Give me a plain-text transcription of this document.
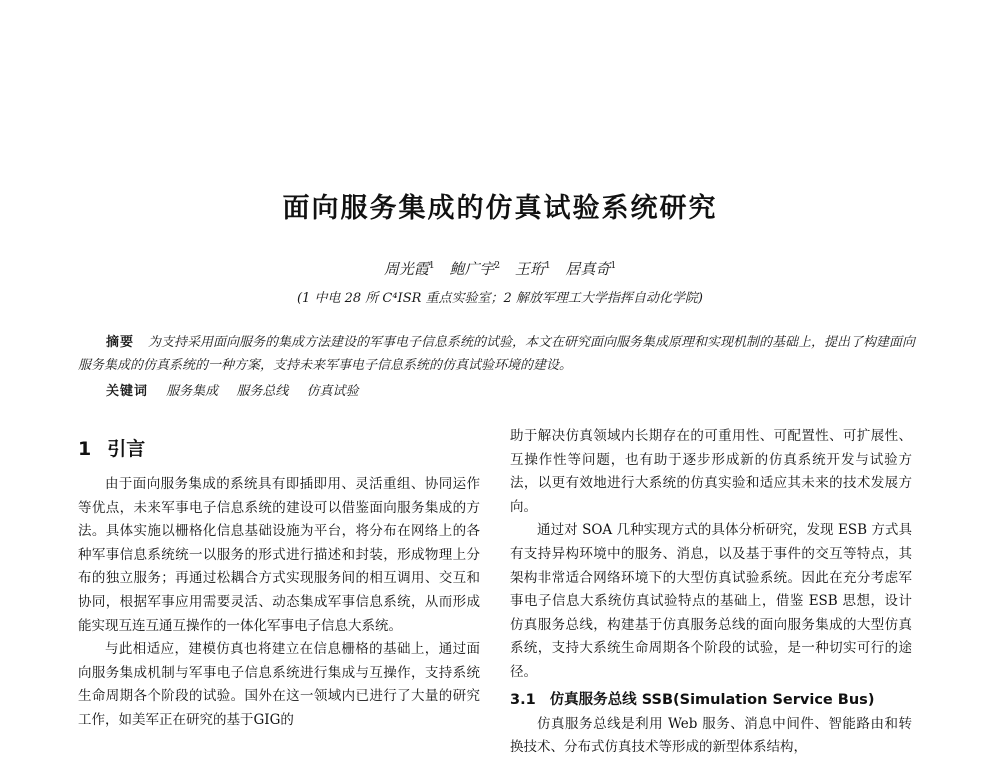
面向服务集成的仿真试验系统研究
周光霞$^1$ 鲍广宇$^2$ 王珩$^1$ 居真奇$^1$
(1 中电 28 所 C⁴ISR 重点实验室；2 解放军理工大学指挥自动化学院)
摘要 为支持采用面向服务的集成方法建设的军事电子信息系统的试验，本文在研究面向服务集成原理和实现机制的基础上，提出了构建面向服务集成的仿真系统的一种方案，支持未来军事电子信息系统的仿真试验环境的建设。
关键词 服务集成 服务总线 仿真试验
1 引言

由于面向服务集成的系统具有即插即用、灵活重组、协同运作等优点，未来军事电子信息系统的建设可以借鉴面向服务集成的方法。具体实施以栅格化信息基础设施为平台，将分布在网络上的各种军事信息系统统一以服务的形式进行描述和封装，形成物理上分布的独立服务；再通过松耦合方式实现服务间的相互调用、交互和协同，根据军事应用需要灵活、动态集成军事信息系统，从而形成能实现互连互通互操作的一体化军事电子信息大系统。

与此相适应，建模仿真也将建立在信息栅格的基础上，通过面向服务集成机制与军事电子信息系统进行集成与互操作，支持系统生命周期各个阶段的试验。国外在这一领域内已进行了大量的研究工作，如美军正在研究的基于GIG的

助于解决仿真领域内长期存在的可重用性、可配置性、可扩展性、互操作性等问题，也有助于逐步形成新的仿真系统开发与试验方法，以更有效地进行大系统的仿真实验和适应其未来的技术发展方向。

通过对 SOA 几种实现方式的具体分析研究，发现 ESB 方式具有支持异构环境中的服务、消息，以及基于事件的交互等特点，其架构非常适合网络环境下的大型仿真试验系统。因此在充分考虑军事电子信息大系统仿真试验特点的基础上，借鉴 ESB 思想，设计仿真服务总线，构建基于仿真服务总线的面向服务集成的大型仿真系统，支持大系统生命周期各个阶段的试验，是一种切实可行的途径。

3.1 仿真服务总线 SSB(Simulation Service Bus)

仿真服务总线是利用 Web 服务、消息中间件、智能路由和转换技术、分布式仿真技术等形成的新型体系结构，
